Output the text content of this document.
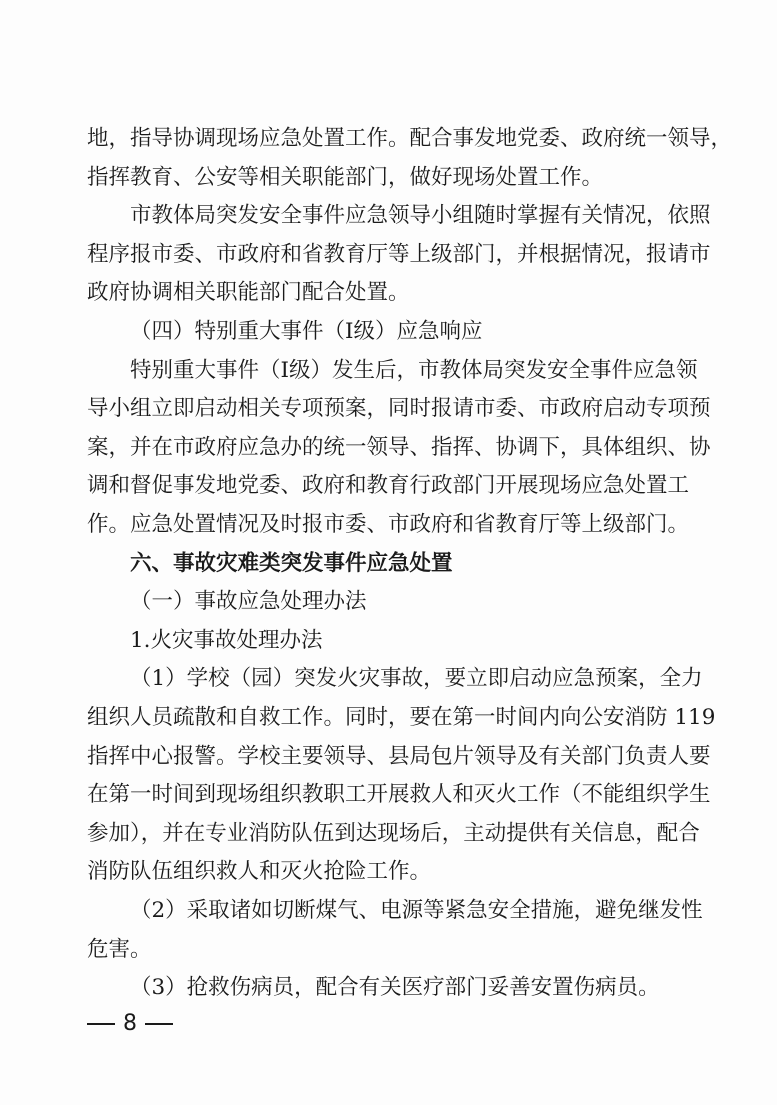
地，指导协调现场应急处置工作。配合事发地党委、政府统一领导，

指挥教育、公安等相关职能部门，做好现场处置工作。

市教体局突发安全事件应急领导小组随时掌握有关情况，依照

程序报市委、市政府和省教育厅等上级部门，并根据情况，报请市

政府协调相关职能部门配合处置。

（四）特别重大事件（Ⅰ级）应急响应

特别重大事件（Ⅰ级）发生后，市教体局突发安全事件应急领

导小组立即启动相关专项预案，同时报请市委、市政府启动专项预

案，并在市政府应急办的统一领导、指挥、协调下，具体组织、协

调和督促事发地党委、政府和教育行政部门开展现场应急处置工

作。应急处置情况及时报市委、市政府和省教育厅等上级部门。

六、事故灾难类突发事件应急处置

（一）事故应急处理办法

1.火灾事故处理办法

（1）学校（园）突发火灾事故，要立即启动应急预案，全力

组织人员疏散和自救工作。同时，要在第一时间内向公安消防 119

指挥中心报警。学校主要领导、县局包片领导及有关部门负责人要

在第一时间到现场组织教职工开展救人和灭火工作（不能组织学生

参加），并在专业消防队伍到达现场后，主动提供有关信息，配合

消防队伍组织救人和灭火抢险工作。

（2）采取诸如切断煤气、电源等紧急安全措施，避免继发性

危害。

（3）抢救伤病员，配合有关医疗部门妥善安置伤病员。

8
